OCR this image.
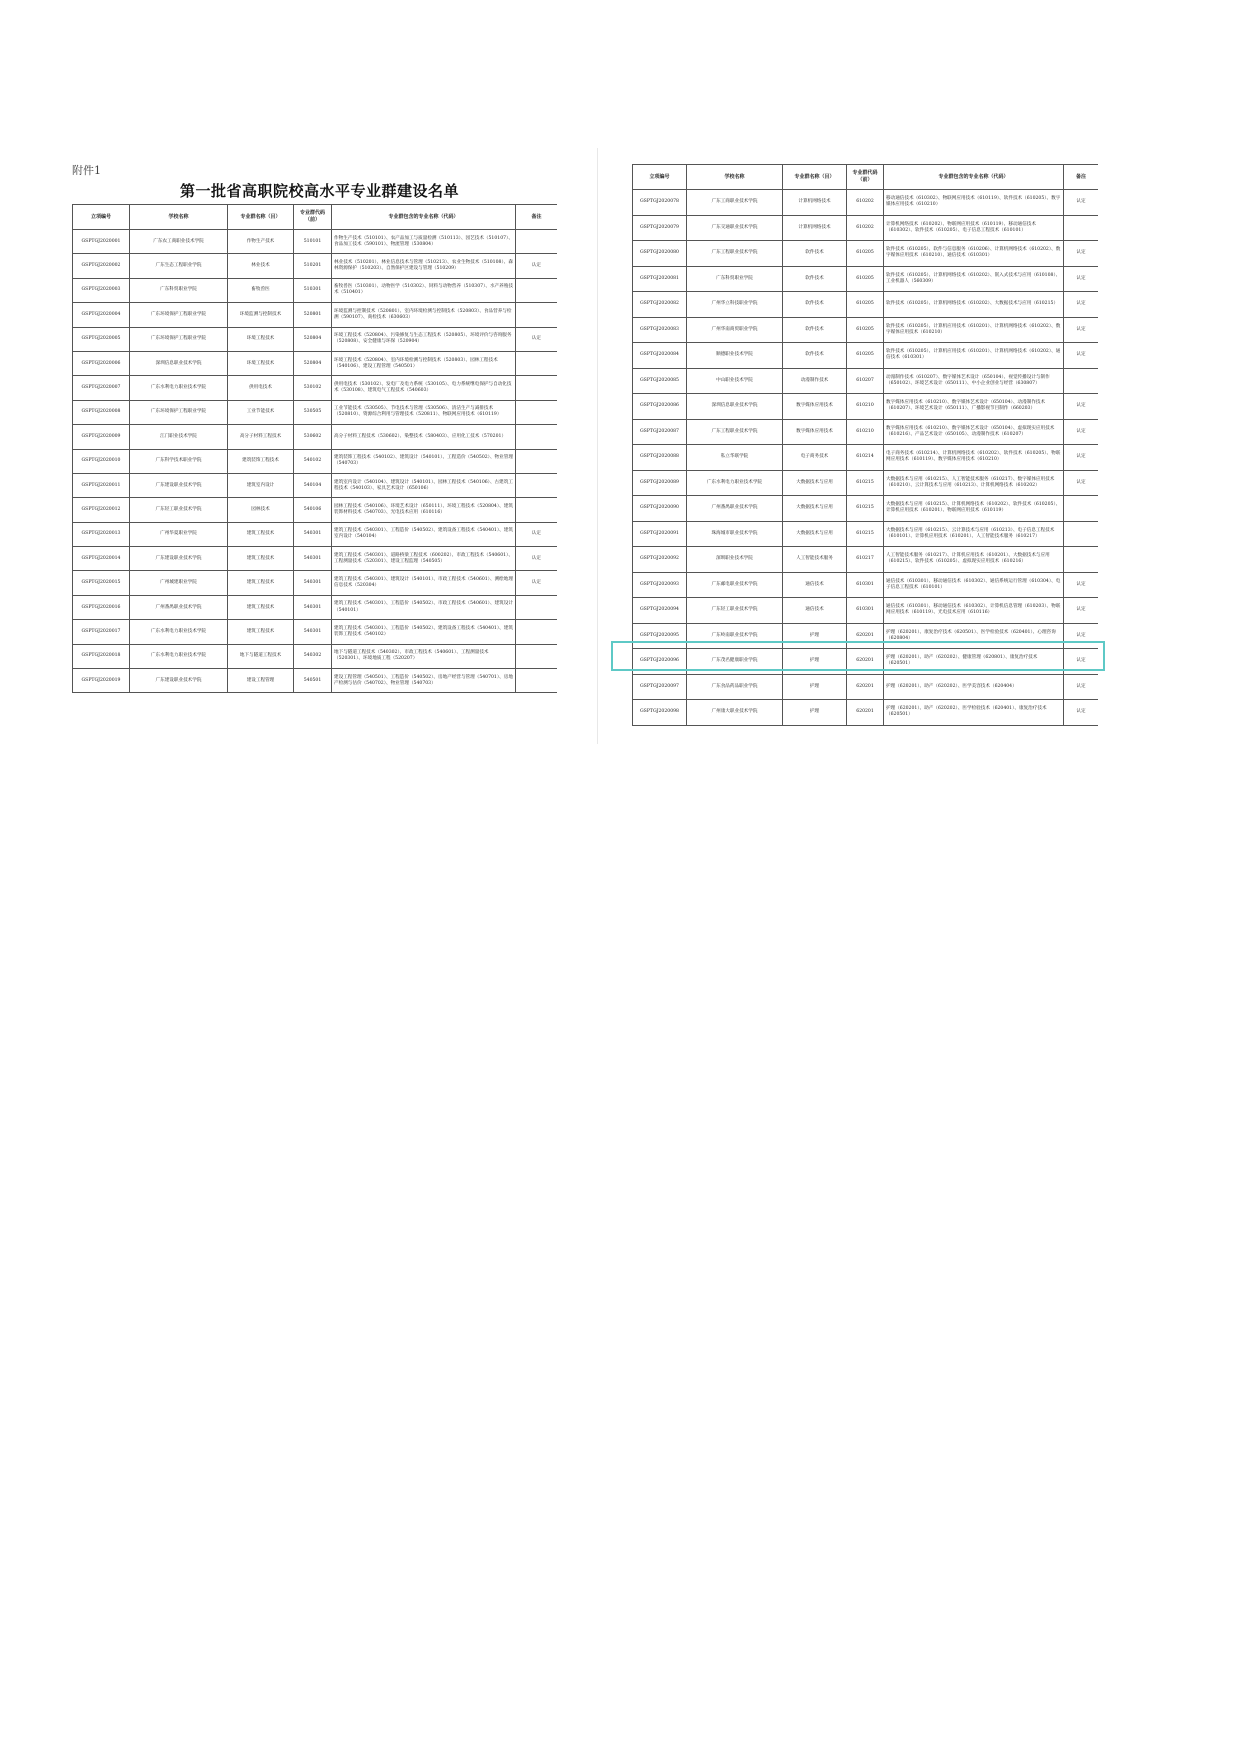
附件1
第一批省高职院校高水平专业群建设名单
立项编号	学校名称	专业群名称（目）	专业群代码（前）	专业群包含的专业名称（代码）	备注
GSPTGJ2020001	广东农工商职业技术学院	作物生产技术	510101	作物生产技术（510101）、农产品加工与质量检测（510113）、园艺技术（510107）、食品加工技术（590101）、物流管理（530804）	
GSPTGJ2020002	广东生态工程职业学院	林业技术	510201	林业技术（510201）、林业信息技术与管理（510213）、农业生物技术（510108）、森林资源保护（510203）、自然保护区建设与管理（510209）	认定
GSPTGJ2020003	广东科贸职业学院	畜牧兽医	510301	畜牧兽医（510301）、动物医学（510302）、饲料与动物营养（510307）、水产养殖技术（510401）	
GSPTGJ2020004	广东环境保护工程职业学院	环境监测与控制技术	520801	环境监测与控制技术（520801）、室内环境检测与控制技术（520803）、食品营养与检测（590107）、商检技术（630603）	
GSPTGJ2020005	广东环境保护工程职业学院	环境工程技术	520804	环境工程技术（520804）、污染修复与生态工程技术（520805）、环境评价与咨询服务（520808）、安全健康与环保（520904）	认定
GSPTGJ2020006	深圳信息职业技术学院	环境工程技术	520804	环境工程技术（520804）、室内环境检测与控制技术（520803）、园林工程技术（540106）、建设工程管理（540501）	
GSPTGJ2020007	广东水利电力职业技术学院	供用电技术	530102	供用电技术（530102）、发电厂及电力系统（530105）、电力系统继电保护与自动化技术（530108）、建筑电气工程技术（540603）	
GSPTGJ2020008	广东环境保护工程职业学院	工业节能技术	530505	工业节能技术（530505）、节电技术与管理（530506）、清洁生产与减排技术（520810）、资源综合利用与管理技术（520811）、物联网应用技术（610119）	
GSPTGJ2020009	江门职业技术学院	高分子材料工程技术	530602	高分子材料工程技术（530602）、染整技术（580403）、应用化工技术（570201）	
GSPTGJ2020010	广东科学技术职业学院	建筑装饰工程技术	540102	建筑装饰工程技术（540102）、建筑设计（540101）、工程造价（540502）、物业管理（540703）	
GSPTGJ2020011	广东建设职业技术学院	建筑室内设计	540104	建筑室内设计（540104）、建筑设计（540101）、园林工程技术（540106）、古建筑工程技术（540103）、家具艺术设计（650106）	
GSPTGJ2020012	广东轻工职业技术学院	园林技术	540106	园林工程技术（540106）、环境艺术设计（650111）、环境工程技术（520804）、建筑装饰材料技术（540703）、光电技术应用（610116）	
GSPTGJ2020013	广州华夏职业学院	建筑工程技术	540301	建筑工程技术（540301）、工程造价（540502）、建筑设备工程技术（540401）、建筑室内设计（540104）	认定
GSPTGJ2020014	广东建设职业技术学院	建筑工程技术	540301	建筑工程技术（540301）、道路桥梁工程技术（600202）、市政工程技术（540601）、工程测量技术（520301）、建设工程监理（540505）	认定
GSPTGJ2020015	广州城建职业学院	建筑工程技术	540301	建筑工程技术（540301）、建筑设计（540101）、市政工程技术（540601）、测绘地理信息技术（520304）	认定
GSPTGJ2020016	广州番禺职业技术学院	建筑工程技术	540301	建筑工程技术（540301）、工程造价（540502）、市政工程技术（540601）、建筑设计（540101）	
GSPTGJ2020017	广东水利电力职业技术学院	建筑工程技术	540301	建筑工程技术（540301）、工程造价（540502）、建筑设备工程技术（540401）、建筑装饰工程技术（540102）	
GSPTGJ2020018	广东水利电力职业技术学院	地下与隧道工程技术	540302	地下与隧道工程技术（540302）、市政工程技术（540601）、工程测量技术（520301）、环境地质工程（520207）	
GSPTGJ2020019	广东建设职业技术学院	建设工程管理	540501	建设工程管理（540501）、工程造价（540502）、房地产经营与管理（540701）、房地产检测与估价（540702）、物业管理（540703）	
立项编号	学校名称	专业群名称（目）	专业群代码（前）	专业群包含的专业名称（代码）	备注
GSPTGJ2020078	广东工商职业技术学院	计算机网络技术	610202	移动通信技术（610302）、物联网应用技术（610119）、软件技术（610205）、数字媒体应用技术（610210）	认定
GSPTGJ2020079	广东交通职业技术学院	计算机网络技术	610202	计算机网络技术（610202）、物联网应用技术（610119）、移动通信技术（610302）、软件技术（610205）、电子信息工程技术（610101）	
GSPTGJ2020080	广东工程职业技术学院	软件技术	610205	软件技术（610205）、软件与信息服务（610206）、计算机网络技术（610202）、数字媒体应用技术（610210）、通信技术（610301）	认定
GSPTGJ2020081	广东科贸职业学院	软件技术	610205	软件技术（610205）、计算机网络技术（610202）、嵌入式技术与应用（610108）、工业机器人（560309）	认定
GSPTGJ2020082	广州华立科技职业学院	软件技术	610205	软件技术（610205）、计算机网络技术（610202）、大数据技术与应用（610215）	认定
GSPTGJ2020083	广州华南商贸职业学院	软件技术	610205	软件技术（610205）、计算机应用技术（610201）、计算机网络技术（610202）、数字媒体应用技术（610210）	认定
GSPTGJ2020084	顺德职业技术学院	软件技术	610205	软件技术（610205）、计算机应用技术（610201）、计算机网络技术（610202）、通信技术（610301）	认定
GSPTGJ2020085	中山职业技术学院	动漫制作技术	610207	动漫制作技术（610207）、数字媒体艺术设计（650104）、视觉传播设计与制作（650102）、环境艺术设计（650111）、中小企业创业与经营（630807）	
GSPTGJ2020086	深圳信息职业技术学院	数字媒体应用技术	610210	数字媒体应用技术（610210）、数字媒体艺术设计（650104）、动漫制作技术（610207）、环境艺术设计（650111）、广播影视节目制作（660203）	认定
GSPTGJ2020087	广东工程职业技术学院	数字媒体应用技术	610210	数字媒体应用技术（610210）、数字媒体艺术设计（650104）、虚拟现实应用技术（610216）、产品艺术设计（650105）、动漫制作技术（610207）	认定
GSPTGJ2020088	私立华联学院	电子商务技术	610214	电子商务技术（610214）、计算机网络技术（610202）、软件技术（610205）、物联网应用技术（610119）、数字媒体应用技术（610210）	认定
GSPTGJ2020089	广东水利电力职业技术学院	大数据技术与应用	610215	大数据技术与应用（610215）、人工智能技术服务（610217）、数字媒体应用技术（610210）、云计算技术与应用（610213）、计算机网络技术（610202）	认定
GSPTGJ2020090	广州番禺职业技术学院	大数据技术与应用	610215	大数据技术与应用（610215）、计算机网络技术（610202）、软件技术（610205）、计算机应用技术（610201）、物联网应用技术（610119）	
GSPTGJ2020091	珠海城市职业技术学院	大数据技术与应用	610215	大数据技术与应用（610215）、云计算技术与应用（610213）、电子信息工程技术（610101）、计算机应用技术（610201）、人工智能技术服务（610217）	
GSPTGJ2020092	深圳职业技术学院	人工智能技术服务	610217	人工智能技术服务（610217）、计算机应用技术（610201）、大数据技术与应用（610215）、软件技术（610205）、虚拟现实应用技术（610216）	
GSPTGJ2020093	广东邮电职业技术学院	通信技术	610301	通信技术（610301）、移动通信技术（610302）、通信系统运行管理（610304）、电子信息工程技术（610101）	认定
GSPTGJ2020094	广东轻工职业技术学院	通信技术	610301	通信技术（610301）、移动通信技术（610302）、计算机信息管理（610203）、物联网应用技术（610119）、光电技术应用（610116）	认定
GSPTGJ2020095	广东岭南职业技术学院	护理	620201	护理（620201）、康复治疗技术（620501）、医学检验技术（620401）、心理咨询（620804）	认定
GSPTGJ2020096	广东茂名健康职业学院	护理	620201	护理（620201）、助产（620202）、健康管理（620801）、康复治疗技术（620501）	认定
GSPTGJ2020097	广东食品药品职业学院	护理	620201	护理（620201）、助产（620202）、医学美容技术（620404）	认定
GSPTGJ2020098	广州康大职业技术学院	护理	620201	护理（620201）、助产（620202）、医学检验技术（620401）、康复治疗技术（620501）	认定
